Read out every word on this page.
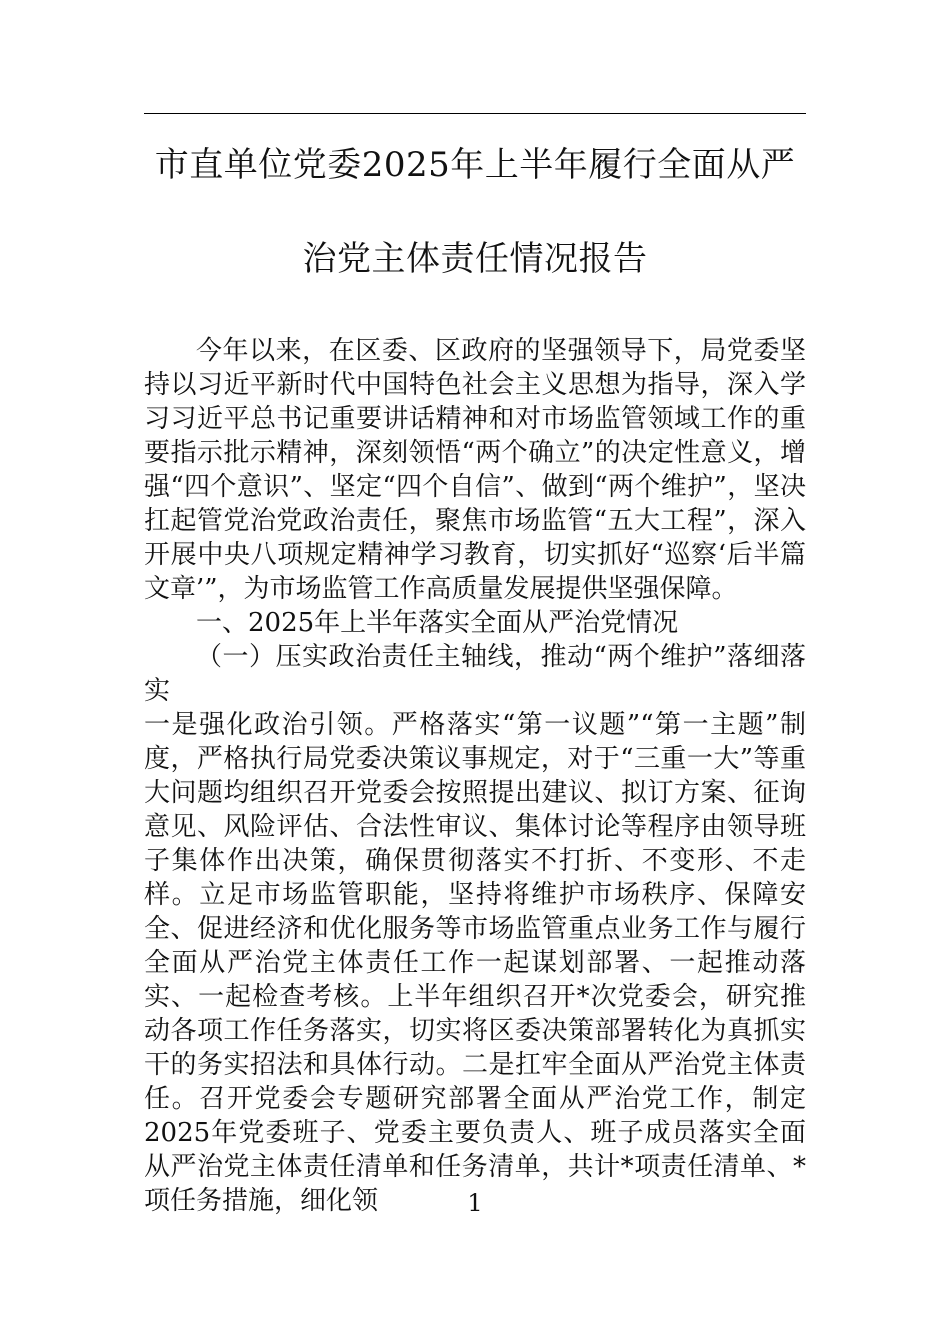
市直单位党委2025年上半年履行全面从严
治党主体责任情况报告

今年以来，在区委、区政府的坚强领导下，局党委坚持以习近平新时代中国特色社会主义思想为指导，深入学习习近平总书记重要讲话精神和对市场监管领域工作的重要指示批示精神，深刻领悟“两个确立”的决定性意义，增强“四个意识”、坚定“四个自信”、做到“两个维护”，坚决扛起管党治党政治责任，聚焦市场监管“五大工程”，深入开展中央八项规定精神学习教育，切实抓好“巡察‘后半篇文章’”，为市场监管工作高质量发展提供坚强保障。

一、2025年上半年落实全面从严治党情况

（一）压实政治责任主轴线，推动“两个维护”落细落实

一是强化政治引领。严格落实“第一议题”“第一主题”制度，严格执行局党委决策议事规定，对于“三重一大”等重大问题均组织召开党委会按照提出建议、拟订方案、征询意见、风险评估、合法性审议、集体讨论等程序由领导班子集体作出决策，确保贯彻落实不打折、不变形、不走样。立足市场监管职能，坚持将维护市场秩序、保障安全、促进经济和优化服务等市场监管重点业务工作与履行全面从严治党主体责任工作一起谋划部署、一起推动落实、一起检查考核。上半年组织召开*次党委会，研究推动各项工作任务落实，切实将区委决策部署转化为真抓实干的务实招法和具体行动。二是扛牢全面从严治党主体责任。召开党委会专题研究部署全面从严治党工作，制定2025年党委班子、党委主要负责人、班子成员落实全面从严治党主体责任清单和任务清单，共计*项责任清单、*项任务措施，细化领	1
